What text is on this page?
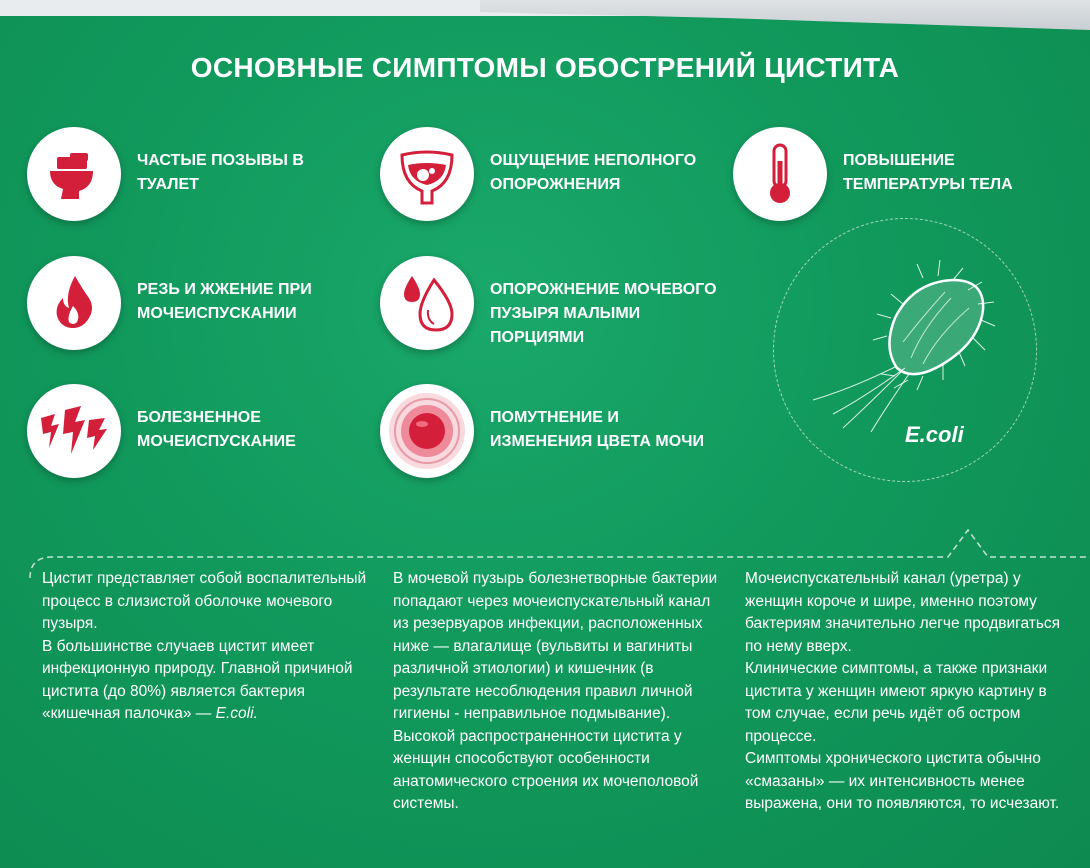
ОСНОВНЫЕ СИМПТОМЫ ОБОСТРЕНИЙ ЦИСТИТА
ЧАСТЫЕ ПОЗЫВЫ В ТУАЛЕТ
ОЩУЩЕНИЕ НЕПОЛНОГО ОПОРОЖНЕНИЯ
ПОВЫШЕНИЕ ТЕМПЕРАТУРЫ ТЕЛА
РЕЗЬ И ЖЖЕНИЕ ПРИ МОЧЕИСПУСКАНИИ
ОПОРОЖНЕНИЕ МОЧЕВОГО ПУЗЫРЯ МАЛЫМИ ПОРЦИЯМИ
БОЛЕЗНЕННОЕ МОЧЕИСПУСКАНИЕ
ПОМУТНЕНИЕ И ИЗМЕНЕНИЯ ЦВЕТА МОЧИ	E.coli

Цистит представляет собой воспалительный процесс в слизистой оболочке мочевого пузыря.

В большинстве случаев цистит имеет инфекционную природу. Главной причиной цистита (до 80%) является бактерия «кишечная палочка» — E.coli.

В мочевой пузырь болезнетворные бактерии попадают через мочеиспускательный канал из резервуаров инфекции, расположенных ниже — влагалище (вульвиты и вагиниты различной этиологии) и кишечник (в результате несоблюдения правил личной гигиены - неправильное подмывание).

Высокой распространенности цистита у женщин способствуют особенности анатомического строения их мочеполовой системы.

Мочеиспускательный канал (уретра) у женщин короче и шире, именно поэтому бактериям значительно легче продвигаться по нему вверх.

Клинические симптомы, а также признаки цистита у женщин имеют яркую картину в том случае, если речь идёт об остром процессе.

Симптомы хронического цистита обычно «смазаны» — их интенсивность менее выражена, они то появляются, то исчезают.
